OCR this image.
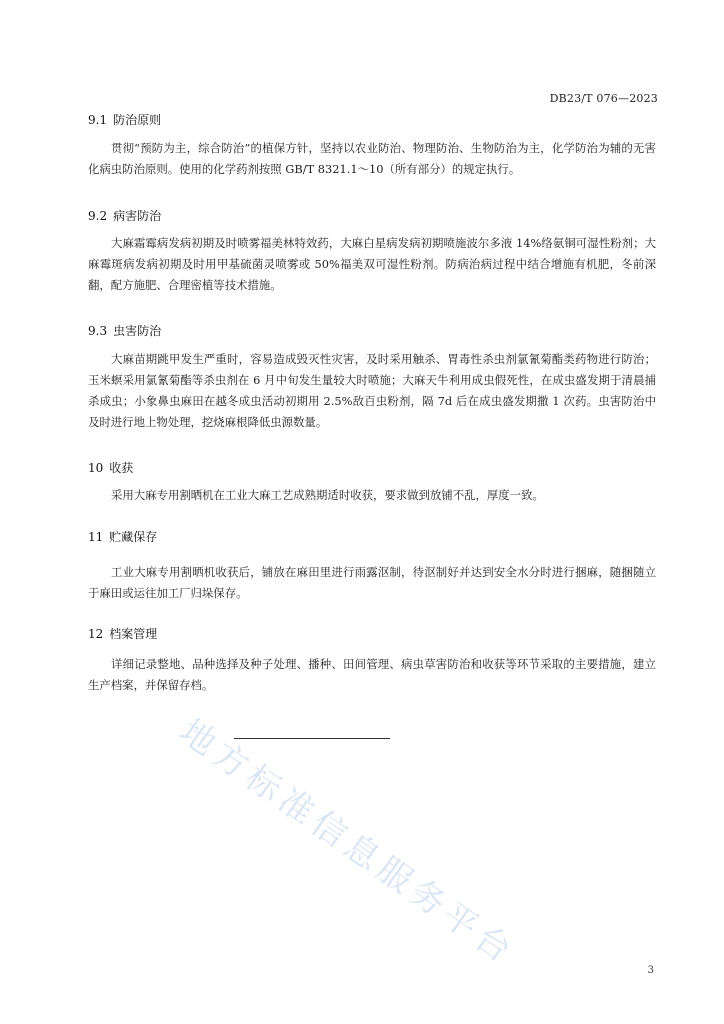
DB23/T 076—2023
9.1 防治原则

贯彻“预防为主，综合防治”的植保方针，坚持以农业防治、物理防治、生物防治为主，化学防治为辅的无害化病虫防治原则。使用的化学药剂按照 GB/T 8321.1～10（所有部分）的规定执行。

9.2 病害防治

大麻霜霉病发病初期及时喷雾福美林特效药，大麻白星病发病初期喷施波尔多液 14%络氨铜可湿性粉剂；大麻霉斑病发病初期及时用甲基硫菌灵喷雾或 50%福美双可湿性粉剂。防病治病过程中结合增施有机肥，冬前深翻，配方施肥、合理密植等技术措施。

9.3 虫害防治

大麻苗期跳甲发生严重时，容易造成毁灭性灾害，及时采用触杀、胃毒性杀虫剂氯氰菊酯类药物进行防治；玉米螟采用氯氰菊酯等杀虫剂在 6 月中旬发生量较大时喷施；大麻天牛利用成虫假死性，在成虫盛发期于清晨捕杀成虫；小象鼻虫麻田在越冬成虫活动初期用 2.5%敌百虫粉剂，隔 7d 后在成虫盛发期撒 1 次药。虫害防治中及时进行地上物处理，挖烧麻根降低虫源数量。

10 收获

采用大麻专用割晒机在工业大麻工艺成熟期适时收获，要求做到放铺不乱，厚度一致。

11 贮藏保存

工业大麻专用割晒机收获后，铺放在麻田里进行雨露沤制，待沤制好并达到安全水分时进行捆麻，随捆随立于麻田或运往加工厂归垛保存。

12 档案管理

详细记录整地、品种选择及种子处理、播种、田间管理、病虫草害防治和收获等环节采取的主要措施，建立生产档案，并保留存档。

地方标准信息服务平台	3
